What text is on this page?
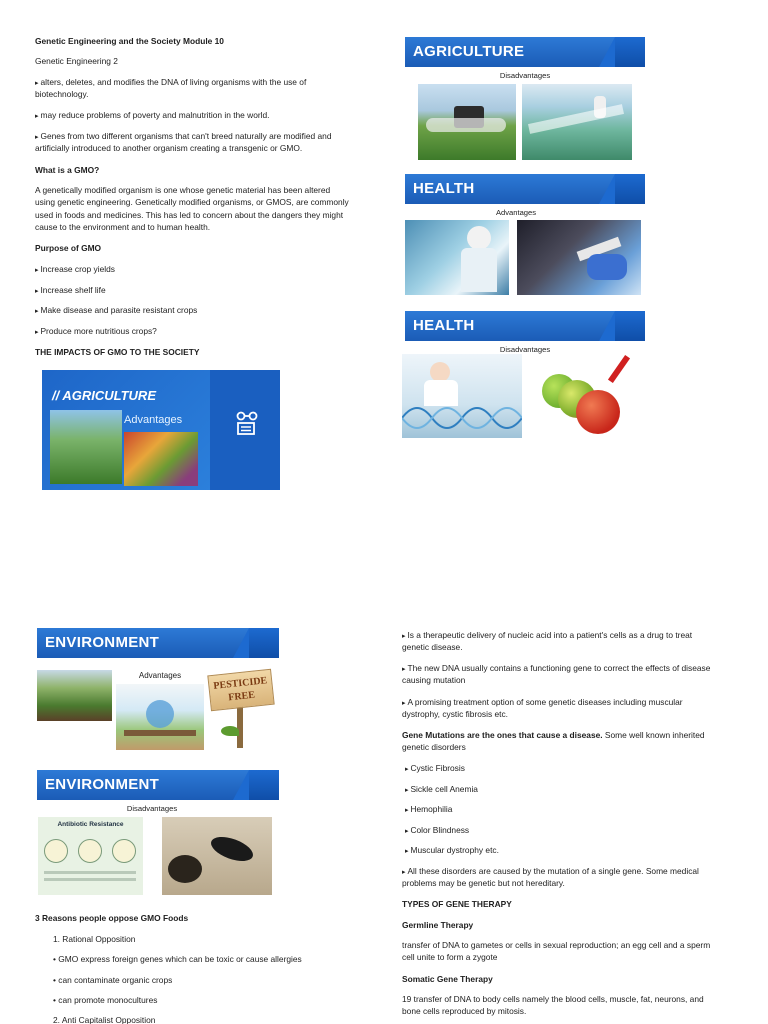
Genetic Engineering and the Society Module 10
Genetic Engineering 2
▸ alters, deletes, and modifies the DNA of living organisms with the use of
biotechnology.
▸ may reduce problems of poverty and malnutrition in the world.
▸ Genes from two different organisms that can't breed naturally are modified and
artificially introduced to another organism creating a transgenic or GMO.
What is a GMO?
A genetically modified organism is one whose genetic material has been altered
using genetic engineering. Genetically modified organisms, or GMOS, are commonly
used in foods and medicines. This has led to concern about the dangers they might
cause to the environment and to human health.
Purpose of GMO
▸ Increase crop yields
▸ Increase shelf life
▸ Make disease and parasite resistant crops
▸ Produce more nutritious crops?
THE IMPACTS OF GMO TO THE SOCIETY
// AGRICULTURE
Advantages
AGRICULTURE
Disadvantages
HEALTH
Advantages
HEALTH
Disadvantages
ENVIRONMENT
Advantages	PESTICIDE
FREE
ENVIRONMENT
Disadvantages
Antibiotic Resistance
3 Reasons people oppose GMO Foods
1. Rational Opposition
• GMO express foreign genes which can be toxic or cause allergies
• can contaminate organic crops
• can promote monocultures
2. Anti Capitalist Opposition
▸ Is a therapeutic delivery of nucleic acid into a patient's cells as a drug to treat
genetic disease.
▸ The new DNA usually contains a functioning gene to correct the effects of disease
causing mutation
▸ A promising treatment option of some genetic diseases including muscular
dystrophy, cystic fibrosis etc.
Gene Mutations are the ones that cause a disease. Some well known inherited
genetic disorders
▸ Cystic Fibrosis
▸ Sickle cell Anemia
▸ Hemophilia
▸ Color Blindness
▸ Muscular dystrophy etc.
▸ All these disorders are caused by the mutation of a single gene. Some medical
problems may be genetic but not hereditary.
TYPES OF GENE THERAPY
Germline Therapy
transfer of DNA to gametes or cells in sexual reproduction; an egg cell and a sperm
cell unite to form a zygote
Somatic Gene Therapy
19 transfer of DNA to body cells namely the blood cells, muscle, fat, neurons, and
bone cells reproduced by mitosis.
